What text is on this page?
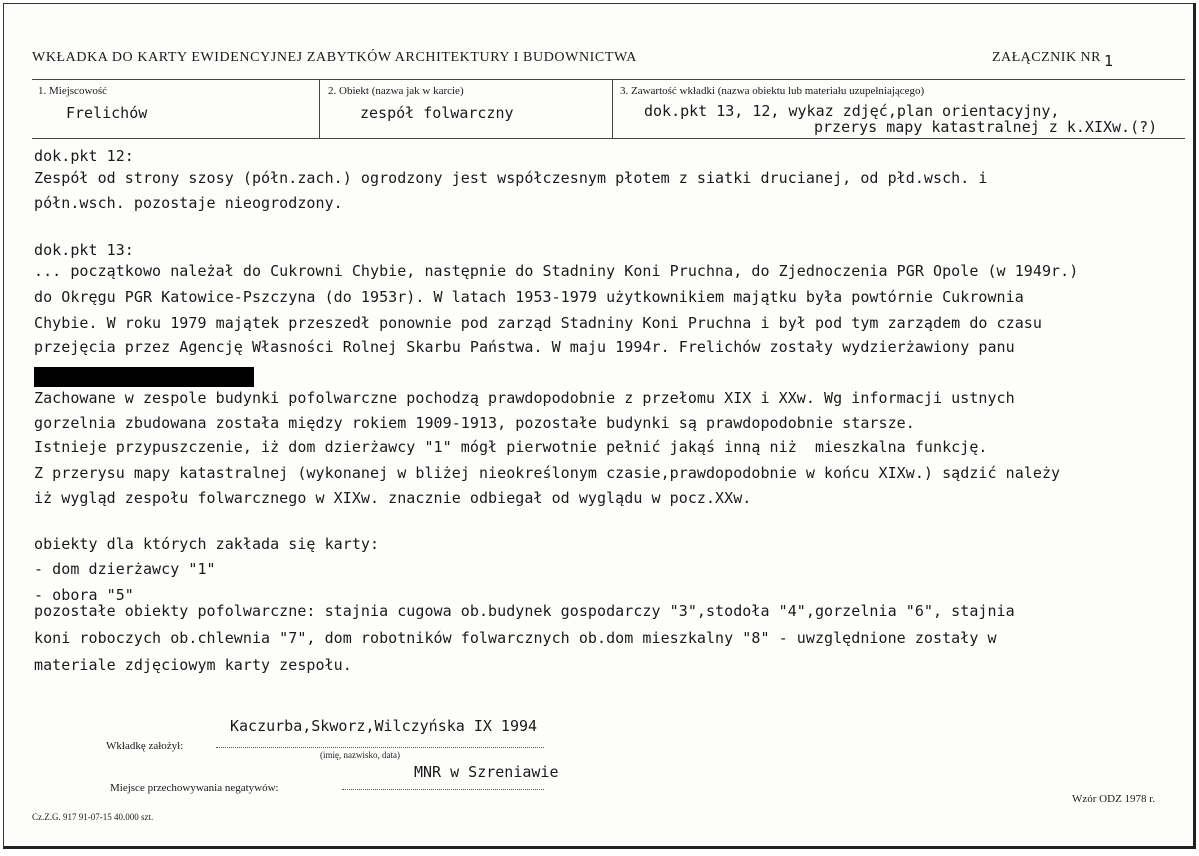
WKŁADKA DO KARTY EWIDENCYJNEJ ZABYTKÓW ARCHITEKTURY I BUDOWNICTWA	ZAŁĄCZNIK NR 1
1. Miejscowość
Frelichów
2. Obiekt (nazwa jak w karcie)
zespół folwarczny
3. Zawartość wkładki (nazwa obiektu lub materiału uzupełniającego)
dok.pkt 13, 12, wykaz zdjęć,plan orientacyjny,
przerys mapy katastralnej z k.XIXw.(?)
dok.pkt 12:
Zespół od strony szosy (półn.zach.) ogrodzony jest współczesnym płotem z siatki drucianej, od płd.wsch. i
półn.wsch. pozostaje nieogrodzony.
dok.pkt 13:
... początkowo należał do Cukrowni Chybie, następnie do Stadniny Koni Pruchna, do Zjednoczenia PGR Opole (w 1949r.)
do Okręgu PGR Katowice-Pszczyna (do 1953r). W latach 1953-1979 użytkownikiem majątku była powtórnie Cukrownia
Chybie. W roku 1979 majątek przeszedł ponownie pod zarząd Stadniny Koni Pruchna i był pod tym zarządem do czasu
przejęcia przez Agencję Własności Rolnej Skarbu Państwa. W maju 1994r. Frelichów zostały wydzierżawiony panu
Zachowane w zespole budynki pofolwarczne pochodzą prawdopodobnie z przełomu XIX i XXw. Wg informacji ustnych
gorzelnia zbudowana została między rokiem 1909-1913, pozostałe budynki są prawdopodobnie starsze.
Istnieje przypuszczenie, iż dom dzierżawcy "1" mógł pierwotnie pełnić jakąś inną niż  mieszkalna funkcję.
Z przerysu mapy katastralnej (wykonanej w bliżej nieokreślonym czasie,prawdopodobnie w końcu XIXw.) sądzić należy
iż wygląd zespołu folwarcznego w XIXw. znacznie odbiegał od wyglądu w pocz.XXw.
obiekty dla których zakłada się karty:
- dom dzierżawcy "1"
- obora "5"
pozostałe obiekty pofolwarczne: stajnia cugowa ob.budynek gospodarczy "3",stodoła "4",gorzelnia "6", stajnia
koni roboczych ob.chlewnia "7", dom robotników folwarcznych ob.dom mieszkalny "8" - uwzględnione zostały w
materiale zdjęciowym karty zespołu.
Kaczurba,Skworz,Wilczyńska IX 1994
Wkładkę założył:
(imię, nazwisko, data)
MNR w Szreniawie
Miejsce przechowywania negatywów:
Cz.Z.G. 917 91-07-15 40.000 szt.
Wzór ODZ 1978 r.
